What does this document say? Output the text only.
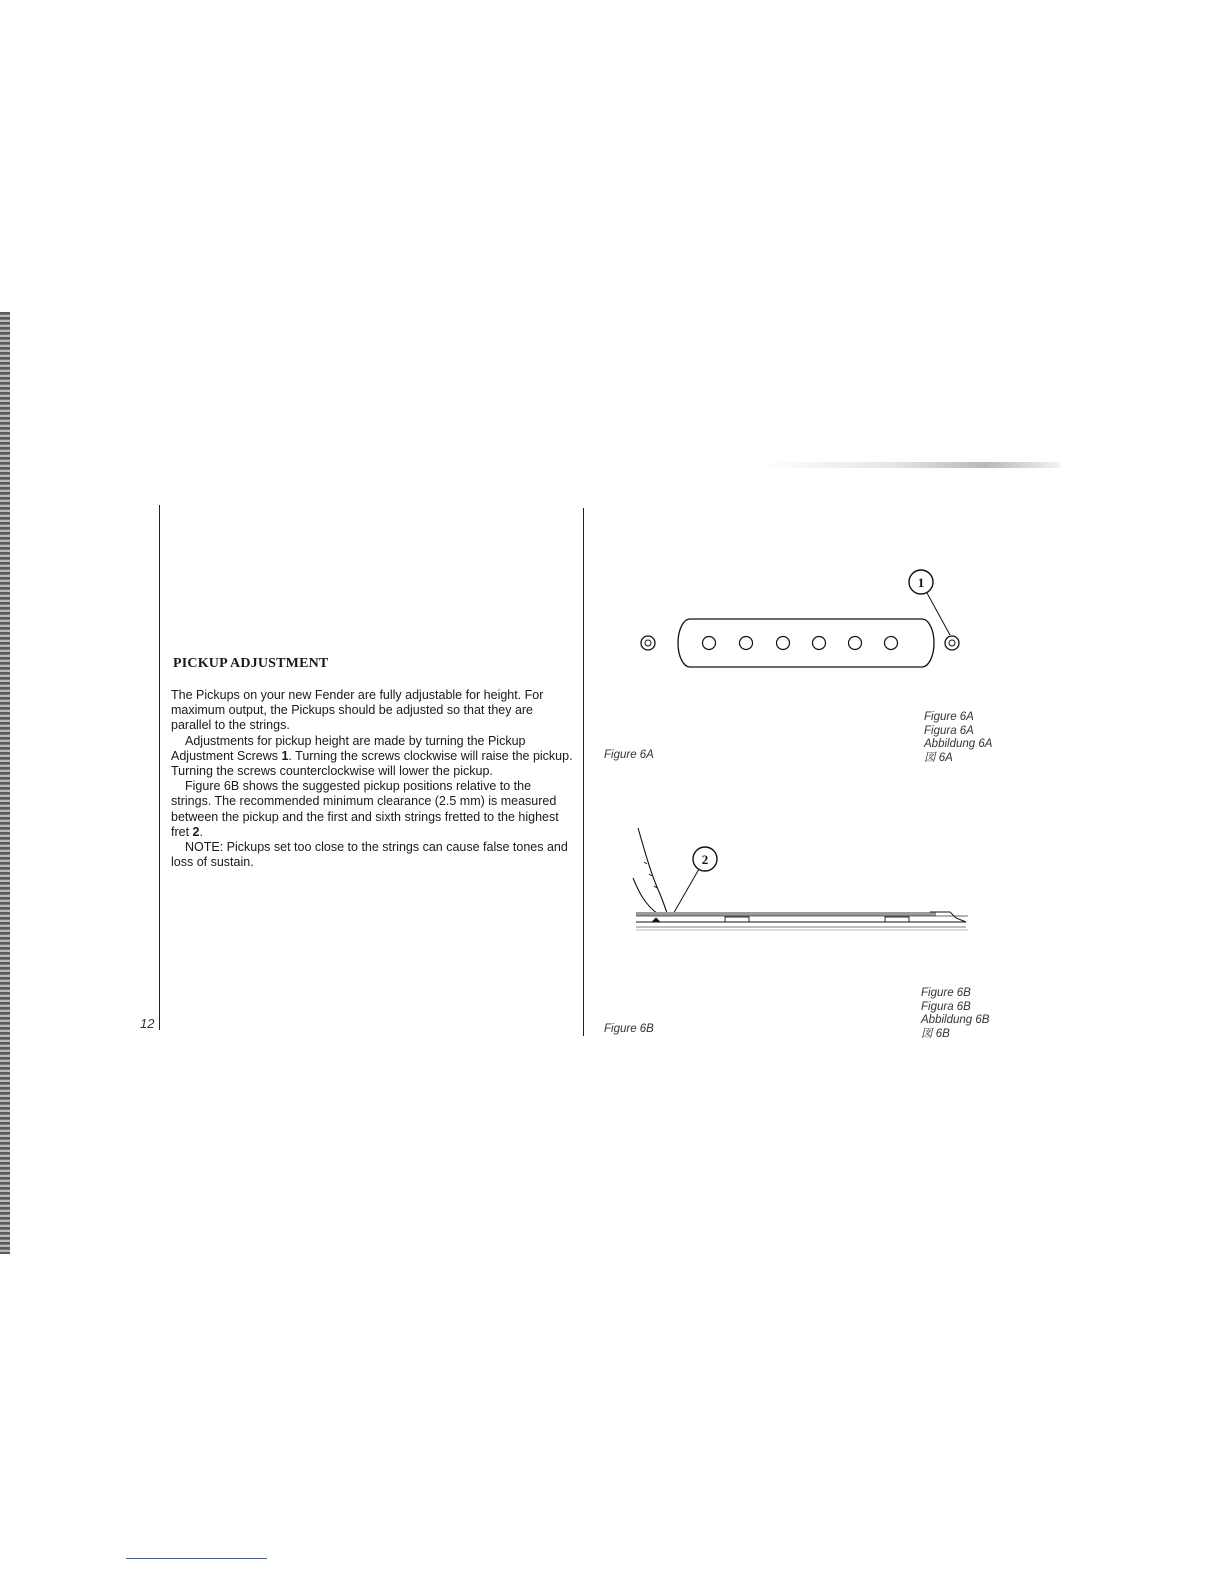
12
PICKUP ADJUSTMENT

The Pickups on your new Fender are fully adjustable for height. For maximum output, the Pickups should be adjusted so that they are parallel to the strings.

Adjustments for pickup height are made by turning the Pickup Adjustment Screws 1. Turning the screws clockwise will raise the pickup. Turning the screws counterclockwise will lower the pickup.

Figure 6B shows the suggested pickup positions relative to the strings. The recommended minimum clearance (2.5 mm) is measured between the pickup and the first and sixth strings fretted to the highest fret 2.

NOTE: Pickups set too close to the strings can cause false tones and loss of sustain.

1
Figure 6A
Figure 6A
Figura 6A
Abbildung 6A
図 6A
2
Figure 6B
Figure 6B
Figura 6B
Abbildung 6B
図 6B
